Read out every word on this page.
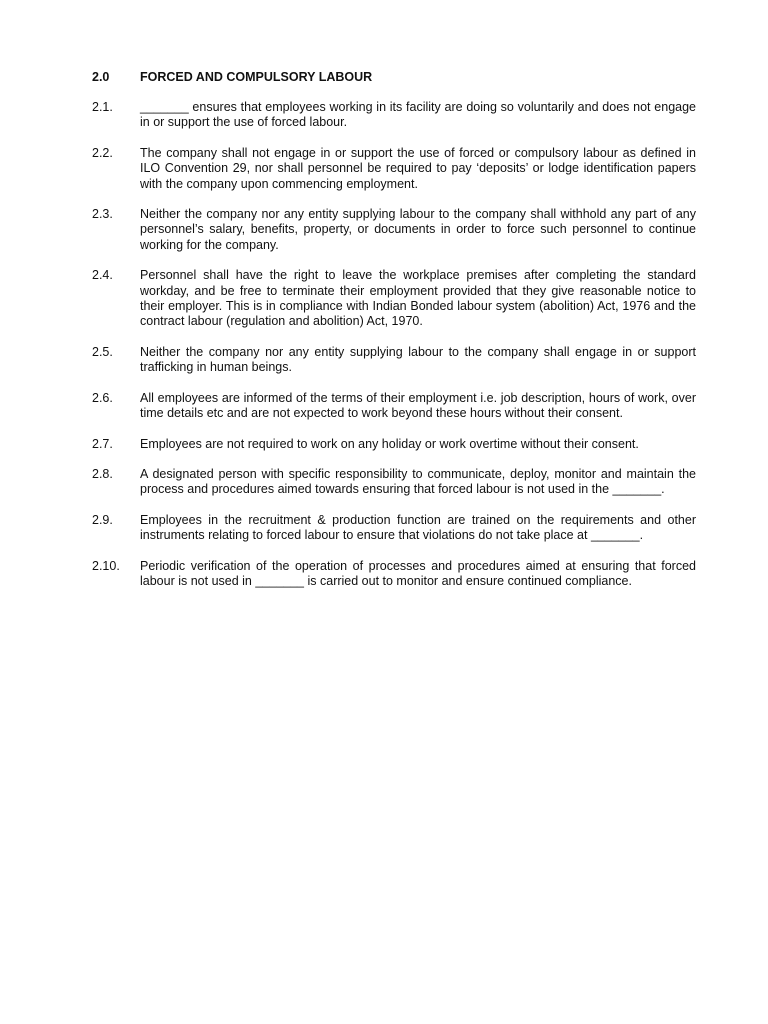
2.0 FORCED AND COMPULSORY LABOUR
2.1.	_______ ensures that employees working in its facility are doing so voluntarily and does not engage in or support the use of forced labour.
2.2.	The company shall not engage in or support the use of forced or compulsory labour as defined in ILO Convention 29, nor shall personnel be required to pay ‘deposits’ or lodge identification papers with the company upon commencing employment.
2.3.	Neither the company nor any entity supplying labour to the company shall withhold any part of any personnel’s salary, benefits, property, or documents in order to force such personnel to continue working for the company.
2.4.	Personnel shall have the right to leave the workplace premises after completing the standard workday, and be free to terminate their employment provided that they give reasonable notice to their employer. This is in compliance with Indian Bonded labour system (abolition) Act, 1976 and the contract labour (regulation and abolition) Act, 1970.
2.5.	Neither the company nor any entity supplying labour to the company shall engage in or support trafficking in human beings.
2.6.	All employees are informed of the terms of their employment i.e. job description, hours of work, over time details etc and are not expected to work beyond these hours without their consent.
2.7.	Employees are not required to work on any holiday or work overtime without their consent.
2.8.	A designated person with specific responsibility to communicate, deploy, monitor and maintain the process and procedures aimed towards ensuring that forced labour is not used in the _______.
2.9.	Employees in the recruitment & production function are trained on the requirements and other instruments relating to forced labour to ensure that violations do not take place at _______.
2.10.	Periodic verification of the operation of processes and procedures aimed at ensuring that forced labour is not used in _______ is carried out to monitor and ensure continued compliance.
